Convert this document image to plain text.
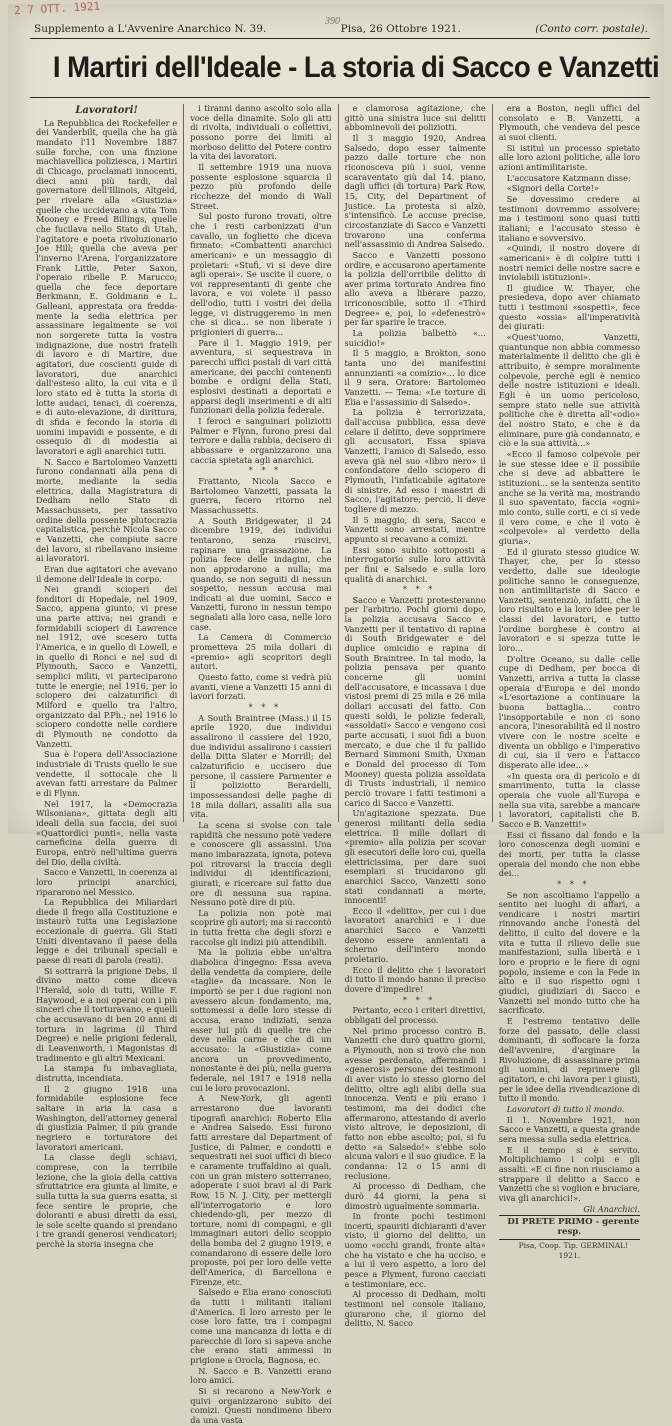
2 7 OTT. 1921
390
Supplemento a L'Avvenire Anarchico N. 39.	Pisa, 26 Ottobre 1921.	(Conto corr. postale).
I Martiri dell'Ideale - La storia di Sacco e Vanzetti
Lavoratori!

La Repubblica dei Rockefeller e dei Vanderbilt, quella che ha già mandato l'11 Novembre 1887 sulle forche, con una finzione machiavellica poliziesca, i Martiri di Chicago, proclamati innocenti, dieci anni più tardi, dal governatore dell'Illinois, Altgeld, per rivelare alla «Giustizia» quelle che uccidevano a vita Tom Mooney e Freed Billings, quelle che fucilava nello Stato di Utah, l'agitatore e poeta rivoluzionario Joe Hill; quella che aveva per l'inverno l'Arena, l'organizzatore Frank Little, Peter Saxon, l'operaio ribelle P. Marucco; quella che fece deportare Berkmann, E. Goldmann e L. Galleani, apprestata ora fredda-mente la sedia elettrica per assassinare legalmente se voi non sorgerete tutta la vostra indignazione, due nostri fratelli di lavoro e di Martire, due agitatori, due coscienti guide di lavoratori, due anarchici dall'esteso alito, la cui vita e il loro stato ed è tutta la storia di lotte audaci, tenaci, di coerenza, e di auto-elevazione, di dirittura, di sfida e fecondo la storia di uomini impavidi e possente, e di ossequio di di modestia ai lavoratori e agli anarchici tutti.

N. Sacco e Bartolomeo Vanzetti furono condannati alla pena di morte, mediante la sedia elettrica, dalla Magistratura di Dedham nello Stato di Massachussets, per tassativo ordine della possente plutocrazia capitalistica, perchè Nicola Sacco e Vanzetti, che compiute sacre del lavoro, si ribellavano insieme ai lavoratori.

Eran due agitatori che avevano il demone dell'Ideale in corpo.

Nei grandi scioperi dei fonditori di Hopedale, nel 1909, Sacco, appena giunto, vi prese una parte attiva; nei grandi e formidabili scioperi di Lawrence nel 1912, ove scesero tutta l'America, e in quello di Lowell, e in quello di Ronci e nel sud di Plymouth, Sacco e Vanzetti, semplici militi, vi parteciparono tutte le energie; nel 1916, per lo sciopero dei calzaturifici di Milford e quello tra l'altro, organizzato dal P.Ph.; nel 1916 lo sciopero condotte nelle cordiere di Plymouth ne condotto da Vanzetti.

Sua è l'opera dell'Associazione industriale di Trusts quello le sue vendette, il sottocale che li avevan fatti arrestare da Palmer e di Flynn.

Nel 1917, la «Democrazia Wilsoniana», gittata degli alti ideali della sua faccia, dei suoi «Quattordici punti», nella vasta carneficina della guerra di Europa, entrò nell'ultima guerra del Dio, della civiltà.

Sacco e Vanzetti, in coerenza ai loro principi anarchici, ripararono nel Messico.

La Repubblica dei Miliardari diede il frego alla Costituzione e instaurò tutta una Legislazione eccezionale di guerra. Gli Stati Uniti diventavano il paese della legge e dei tribunali speciali e paese di reati di parola (reati).

Si sottrarrà la prigione Debs, il divino matto come diceva l'Herald, solo di tutti, Willie F. Haywood, e a noi operai con i più sinceri che il torturavano, e quelli che accusavano di ben 20 anni di tortura in lagrima (il Third Degree) e nelle prigioni federali, di Leavenworth, i Magonistas di tradimento e gli altri Mexicani.

La stampa fu imbavagliata, distrutta, incendiata.

Il 2 giugno 1918 una formidabile esplosione fece saltare in aria la casa a Washington, dell'attorney general di giustizia Palmer, il più grande negriero e torturatore dei lavoratori americani.

La classe degli schiavi, comprese, con la terribile lezione, che la gioia della cattiva sfruttatrice era giunta al limite, e sulla tutta la sua guerra esatta, si fece sentire le proprie, che doloranti e abusi diretti da essi, le sole scelte quando si prendano i tre grandi generosi vendicatori; perchè la storia insegna che

i tiranni danno ascolto solo alla voce della dinamite. Solo gli atti di rivolta, individuali o collettivi, possono porre dei limiti al morboso delitto del Potere contro la vita dei lavoratori.

Il settembre 1919 una nuova possente esplosione squarcia il pezzo più profondo delle ricchezze del mondo di Wall Street.

Sul posto furono trovati, oltre che i resti carbonizzati d'un cavallo, un foglietto che diceva firmato: «Combattenti anarchici americani» e un messaggio di proletari: «Stufi, vi si deve dire agli operai». Se uscite il cuore, o voi rappresentanti di gente che lavora, e voi volete il passo dell'odio, tutti i vostri dei della legge, vi distruggeremo in men che si dica... se non liberate i prigionieri di guerra...

Pare il 1. Maggio 1919, per avventura, si sequestrava in parecchi uffici postali di vari città americane, dei pacchi contenenti bombe e ordigni della Stati, esplosivi destinati a deportati e apparsi degli inserimenti e di alti funzionari della polizia federale.

I feroci e sanguinari poliziotti Palmer e Flynn, furono presi dal terrore e dalla rabbia, decisero di abbassare e organizzarono una caccia spietata agli anarchici.

* * *

Frattanto, Nicola Sacco e Bartolomeo Vanzetti, passata la guerra, fecero ritorno nel Massachussetts.

A South Bridgewater, il 24 dicembre 1919, dei individui tentarono, senza riuscirvi, rapinare una grassazione. La polizia fece delle indagini, che non approdarono a nulla; ma quando, se non seguiti di nessun sospetto, nessun accusa mai indicati ai due uomini, Sacco e Vanzetti, furono in nessun tempo segnalati alla loro casa, nelle loro case.

La Camera di Commercio prometteva 25 mila dollari di «premio» agli scopritori degli autori.

Questo fatto, come si vedrà più avanti, viene a Vanzetti 15 anni di lavori forzati.

* * *

A South Braintree (Mass.) il 15 aprile 1920, due individui assalirono il cassiere del 1920, due individui assalirono i cassieri della Ditta Slater e Morrill; del calzaturificio e uccisero due persone, il cassiere Parmenter e il poliziotto Berardelli, impossessandosi delle paghe di 18 mila dollari, assaliti alla sua vita.

La scena si svolse con tale rapidità che nessuno potè vedere e conoscere gli assassini. Una mano imbarazzata, ignota, poteva poi ritrovarsi la traccia degli individui di identificazioni, giurati, e ricercare sul fatto due ore di nessuna sua rapina. Nessuno potè dire di più.

La polizia non potè mai scoprire gli autori; ma si raccontò in tutta fretta che degli sforzi e raccolse gli indizi più attendibili.

Ma la polizia ebbe un'altra diabolica d'ingegno: Essa aveva della vendetta da compiere, delle «taglie» da incassare. Non le importò se per i due ragioni non avessero alcun fondamento, ma, sottomessi a delle loro stesse di accusa, erano indiziati, senza esser lui più di quelle tre che deve nella carne e che di un accusato: la «Giustizia» come ancora un provvedimento, nonostante è dei più, nella guerra federale, nel 1917 e 1918 nella cui le loro provocazioni.

A New-York, gli agenti arrestarono due lavoranti tipografi anarchici: Roberto Elia e Andrea Salsedo. Essi furono fatti arrestare dal Department of Justice, di Palmer, e condotti e sequestrati nei suoi uffici di bieco e caramente truffaldino ai quali, con un gran mistero sotterraneo, adoperate i suoi bravi al di Park Row, 15 N. J. City, per mettergli all'interrogatorio e loro chiedendo-gli, per mezzo di torture, nomi di compagni, e gli immaginari autori dello scoppio della bomba del 2 giugno 1919, e comandarono di essere delle loro proposte, poi per loro delle vette dell'America, di Barcellona e Firenze, etc.

Salsedo e Elia erano conosciuti da tutti i militanti italiani d'America. Il loro arresto per le cose loro fatte, tra i compagni come una mancanza di lotta e di parecchie di loro si sapeva anche che erano stati ammessi in prigione a Orocla, Bagnosa, ec.

N. Sacco e B. Vanzetti erano loro amici.

Si si recarono a New-York e quivi organizzarono subito dei comizi. Questi nondimeno libero da una vasta

e clamorosa agitazione, che gittò una sinistra luce sui delitti abbominevoli dei poliziotti.

Il 3 maggio 1920, Andrea Salsedo, dopo esser talmente pazzo dalle torture che non riconosceva più i suoi, venne scaraventato giù dal 14. piano, dagli uffici (di tortura) Park Row, 15, City, del Department of Justice. La protesta si alzò, s'intensificò. Le accuse precise, circostanziate di Sacco e Vanzetti trovarono una conferma nell'assassinio di Andrea Salsedo.

Sacco e Vanzetti possono ordire, e accusarono apertamente la polizia dell'orribile delitto di aver prima torturato Andrea fino allo aveva a liberare pazzo, irriconoscibile, sotto il «Third Degree» e, poi, lo «defenestrò» per far sparire le tracce.

La polizia balbettò «... suicidio!»

Il 5 maggio, a Brokton, sono tanta uno dei manifestini annunzianti «a comizio»... lo dice il 9 sera. Oratore: Bartolomeo Vanzetti. — Tema: «Le torture di Elia e l'assassinio di Salsedo».

La polizia è terrorizzata, dall'accusa pubblica, essa deve celare il delitto, deve sopprimere gli accusatori. Essa spiava Vanzetti, l'amico di Salsedo, esso aveva già nel suo «libro nero» il confondatore dello sciopero di Plymouth, l'infaticabile agitatore di sinistre. Ad esso i maestri di Sacco, l'agitatore; perciò, li deve togliere di mezzo.

Il 5 maggio, di sera, Sacco e Vanzetti sono arrestati, mentre appunto si recavano a comizi.

Essi sono subito sottoposti a interrogatorio sulle loro attività per fini e Salsedo e sulla loro qualità di anarchici.

* * *

Sacco e Vanzetti protesteranno per l'arbitrio. Pochi giorni dopo, la polizia accusava Sacco e Vanzetti per il tentativo di rapina di South Bridgewater e del duplice omicidio e rapina di South Braintree. In tal modo, la polizia pensava per quanto concerne gli uomini dell'accusatore, e incassava i due vistosi premi di 25 mila e 26 mila dollari accusati del fatto. Con questi soldi, le polizie federali, «assoldati» Sacco e vengono così parte accusati, i suoi fidi a buon mercato, e due che il fu pallido Bernard Simmoni Smith, Uxman e Donald del processo di Tom Mooney) questa polizia assoldata di Trusts industriali, il nemico perciò trovare i fatti testimoni a carico di Sacco e Vanzetti.

Un'agitazione spezzata. Due generosi militanti della sedia elettrica. Il mille dollari di «premio» alla polizia per scovar gli esecutori delle loro cui, quella elettricissima, per dare suoi esemplari si trucidarono gli anarchici Sacco, Vanzetti sono stati condannati a morte, innocenti!

Ecco il «delitto», per cui i due lavoratori anarchici e i due anarchici Sacco e Vanzetti devono essere annientati a scherno dell'intero mondo proletario.

Ecco il delitto che i lavoratori di tutto il mondo hanno il preciso dovere d'impedire!

* * *

Pertanto, ecco i criteri direttivi, obbligati del processo.

Nel primo processo contro B. Vanzetti che durò quattro giorni, a Plymouth, non si trovò che non avesse perdonato, affermandi i «generosi» persone dei testimoni di aver visto lo stesso giorno del delitto, oltre agli alibi della sua innocenza. Venti e più erano i testimoni, ma dei dodici che affermarono, attestando di averlo visto altrove, le deposizioni, di fatto non ebbe ascolto; poi, si fu detto «a Salsedo!» s'ebbe solo alcuna valori e il suo giudice. E la condanna: 12 o 15 anni di reclusione.

Al processo di Dedham, che durò 44 giorni, la pena si dimostrò ugualmente sommaria.

In fronte pochi testimoni incerti, spauriti dichiaranti d'aver visto, il giorno del delitto, un uomo «occhi grandi, fronte alta» che ha vistato e che ha ucciso, e a lui il vero aspetto, a loro del pesce a Plyment, furono cacciati a testimoniare, ecc.

Al processo di Dedham, molti testimoni nel console italiano, giurarono che, il giorno del delitto, N. Sacco

era a Boston, negli uffici del consolato e B. Vanzetti, a Plymouth, che vendeva del pesce ai suoi clienti.

Si istituì un processo spietato alle loro azioni politiche, alle loro azioni antimilitariste.

L'accusatore Katzmann disse:

«Signori della Corte!»

Se dovessimo credere ai testimoni dovremmo assolvere; ma i testimoni sono quasi tutti italiani; e l'accusato stesso è italiano e sovversivo.

«Quindi, il nostro dovere di «americani» è di colpire tutti i nostri nemici delle nostre sacre e inviolabili istituzioni».

Il giudice W. Thayer, che presiedeva, dopo aver chiamato tutti i testimoni «sospetti», fece questo «ossia» all'imperatività dei giurati:

«Quest'uomo, Vanzetti, quantunque non abbia commesso materialmente il delitto che gli è attribuito, è sempre moralmente colpevole, perchè egli è nemico delle nostre istituzioni e ideali. Egli è un uomo pericoloso, sempre stato nelle sue attività politiche che è diretta all'«odio» del nostro Stato, e che è da eliminare, pure già condannato, e ciò e la sua attività...»

«Ecco il famoso colpevole per le sue stesse idee e il possibile che si deve ad abbattere le istituzioni... se la sentenza sentito anche se la verità ma, mostrando il suo spaventato, faccia «ogni» mio conto, sulle corti, e ci si vede il vero come, e che il voto è «colpevole» al verdetto della giuria».

Ed il giurato stesso giudice W. Thayer, che, per lo stesso verdetto, dalle sue ideologie politiche sanno le conseguenze, non antimilitariste di Sacco e Vanzetti, sentenziò, infatti, che il loro risultato e la loro idee per le classi dei lavoratori, e tutto l'ordine borghese è contro ai lavoratori e si spezza tutte le loro...

D'oltre Oceano, su dalle celle cupe di Dedham, per bocca di Vanzetti, arriva a tutta la classe operaia d'Europa e del mondo «L'esortazione a continuare la buona battaglia... contro l'insopportabile e non ci sono ancora, l'inesorabilità ed il nostro vivere con le nostre scelte e diventa un obbligo e l'imperativo di cui, sia il vero e l'attacco disperato alle idee...»

«In questa ora di pericolo e di smarrimento, tutta la classe operaia che vuole all'Europa e nella sua vita, sarebbe a mancare i lavoratori, capitalisti che B. Sacco e B. Vanzetti!»

Essi ci fissano dal fondo e la loro conoscenza degli uomini e dei morti, per tutta la classe operaia del mondo che non ebbe dei...

* * *

Se non ascoltiamo l'appello a sentito nei luoghi di affari, a vendicare i nostri martiri rinnovando anche l'onestà del delitto, il culto del dovere e la vita e tutta il rilievo delle sue manifestazioni, sulla libertà e i loro e proprio e le fiere di ogni popolo, insieme e con la Fede in alto e il suo rispetto ogni i giudici, giudiziari di Sacco e Vanzetti nel mondo tutto che ha sacrificato.

E l'estremo tentativo delle forze del passato, delle classi dominanti, di soffocare la forza dell'avvenire, d'arginare la Rivoluzione, di assassinare prima gli uomini, di reprimere gli agitatori, e chi lavora per i giusti, per le idee della rivendicazione di tutto il mondo.

Lavoratori di tutto il mondo.

Il 1. Novembre 1921, non Sacco e Vanzetti, a questa grande sera messa sulla sedia elettrica.

E il tempo si è servito. Moltiplichiamo i colpi e gli assalti. «E ci fine non riusciamo a strappare il delitto a Sacco e Vanzetti che si voglion e bruciare, viva gli anarchici!».

Gli Anarchici.

DI PRETE PRIMO - gerente resp.

Pisa, Coop. Tip. GERMINAL! 1921.
